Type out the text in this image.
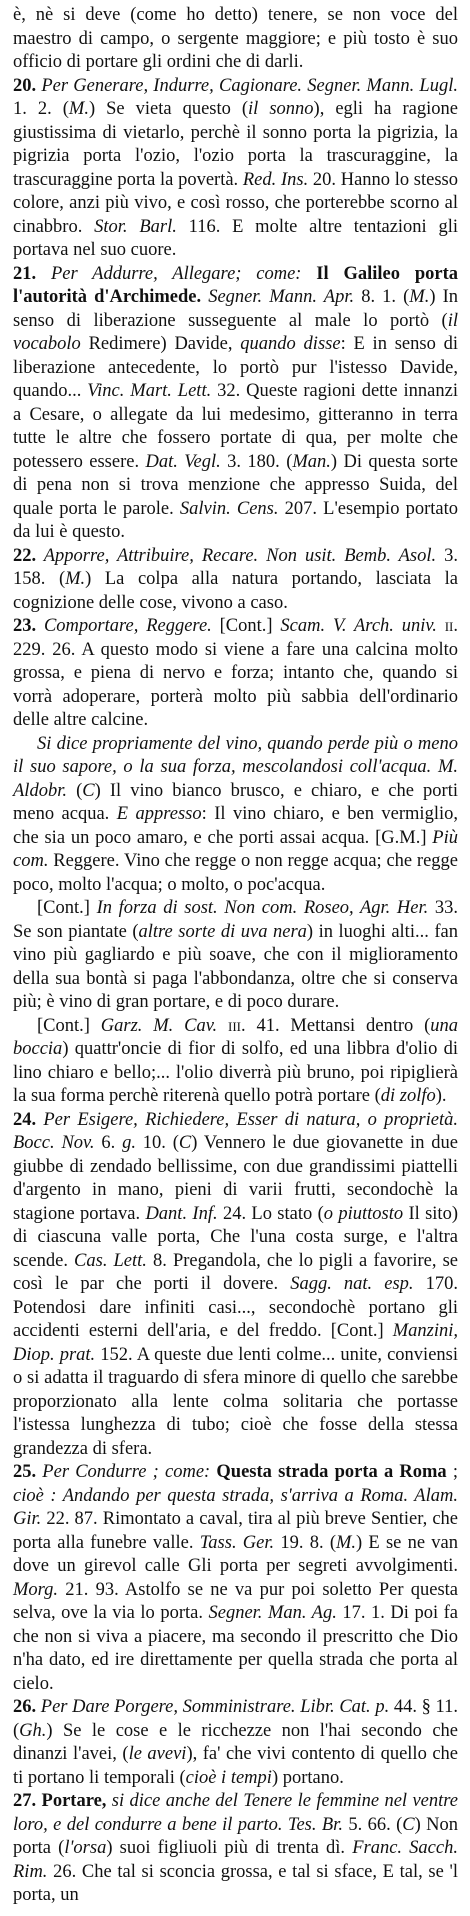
è, nè si deve (come ho detto) tenere, se non voce del maestro di campo, o sergente maggiore; e più tosto è suo officio di portare gli ordini che di darli.

20. Per Generare, Indurre, Cagionare. Segner. Mann. Lugl. 1. 2. (M.) Se vieta questo (il sonno), egli ha ragione giustissima di vietarlo, perchè il sonno porta la pigrizia, la pigrizia porta l'ozio, l'ozio porta la trascuraggine, la trascuraggine porta la povertà. Red. Ins. 20. Hanno lo stesso colore, anzi più vivo, e così rosso, che porterebbe scorno al cinabbro. Stor. Barl. 116. E molte altre tentazioni gli portava nel suo cuore.

21. Per Addurre, Allegare; come: Il Galileo porta l'autorità d'Archimede. Segner. Mann. Apr. 8. 1. (M.) In senso di liberazione susseguente al male lo portò (il vocabolo Redimere) Davide, quando disse: E in senso di liberazione antecedente, lo portò pur l'istesso Davide, quando... Vinc. Mart. Lett. 32. Queste ragioni dette innanzi a Cesare, o allegate da lui medesimo, gitteranno in terra tutte le altre che fossero portate di qua, per molte che potessero essere. Dat. Vegl. 3. 180. (Man.) Di questa sorte di pena non si trova menzione che appresso Suida, del quale porta le parole. Salvin. Cens. 207. L'esempio portato da lui è questo.

22. Apporre, Attribuire, Recare. Non usit. Bemb. Asol. 3. 158. (M.) La colpa alla natura portando, lasciata la cognizione delle cose, vivono a caso.

23. Comportare, Reggere. [Cont.] Scam. V. Arch. univ. ii. 229. 26. A questo modo si viene a fare una calcina molto grossa, e piena di nervo e forza; intanto che, quando si vorrà adoperare, porterà molto più sabbia dell'ordinario delle altre calcine.

Si dice propriamente del vino, quando perde più o meno il suo sapore, o la sua forza, mescolandosi coll'acqua. M. Aldobr. (C) Il vino bianco brusco, e chiaro, e che porti meno acqua. E appresso: Il vino chiaro, e ben vermiglio, che sia un poco amaro, e che porti assai acqua. [G.M.] Più com. Reggere. Vino che regge o non regge acqua; che regge poco, molto l'acqua; o molto, o poc'acqua.

[Cont.] In forza di sost. Non com. Roseo, Agr. Her. 33. Se son piantate (altre sorte di uva nera) in luoghi alti... fan vino più gagliardo e più soave, che con il miglioramento della sua bontà si paga l'abbondanza, oltre che si conserva più; è vino di gran portare, e di poco durare.

[Cont.] Garz. M. Cav. iii. 41. Mettansi dentro (una boccia) quattr'oncie di fior di solfo, ed una libbra d'olio di lino chiaro e bello;... l'olio diverrà più bruno, poi ripiglierà la sua forma perchè riterenà quello potrà portare (di zolfo).

24. Per Esigere, Richiedere, Esser di natura, o proprietà. Bocc. Nov. 6. g. 10. (C) Vennero le due giovanette in due giubbe di zendado bellissime, con due grandissimi piattelli d'argento in mano, pieni di varii frutti, secondochè la stagione portava. Dant. Inf. 24. Lo stato (o piuttosto Il sito) di ciascuna valle porta, Che l'una costa surge, e l'altra scende. Cas. Lett. 8. Pregandola, che lo pigli a favorire, se così le par che porti il dovere. Sagg. nat. esp. 170. Potendosi dare infiniti casi..., secondochè portano gli accidenti esterni dell'aria, e del freddo. [Cont.] Manzini, Diop. prat. 152. A queste due lenti colme... unite, conviensi o si adatta il traguardo di sfera minore di quello che sarebbe proporzionato alla lente colma solitaria che portasse l'istessa lunghezza di tubo; cioè che fosse della stessa grandezza di sfera.

25. Per Condurre ; come: Questa strada porta a Roma ; cioè : Andando per questa strada, s'arriva a Roma. Alam. Gir. 22. 87. Rimontato a caval, tira al più breve Sentier, che porta alla funebre valle. Tass. Ger. 19. 8. (M.) E se ne van dove un girevol calle Gli porta per segreti avvolgimenti. Morg. 21. 93. Astolfo se ne va pur poi soletto Per questa selva, ove la via lo porta. Segner. Man. Ag. 17. 1. Di poi fa che non si viva a piacere, ma secondo il prescritto che Dio n'ha dato, ed ire direttamente per quella strada che porta al cielo.

26. Per Dare Porgere, Somministrare. Libr. Cat. p. 44. § 11. (Gh.) Se le cose e le ricchezze non l'hai secondo che dinanzi l'avei, (le avevi), fa' che vivi contento di quello che ti portano li temporali (cioè i tempi) portano.

27. Portare, si dice anche del Tenere le femmine nel ventre loro, e del condurre a bene il parto. Tes. Br. 5. 66. (C) Non porta (l'orsa) suoi figliuoli più di trenta dì. Franc. Sacch. Rim. 26. Che tal si sconcia grossa, e tal si sface, E tal, se 'l porta, un
